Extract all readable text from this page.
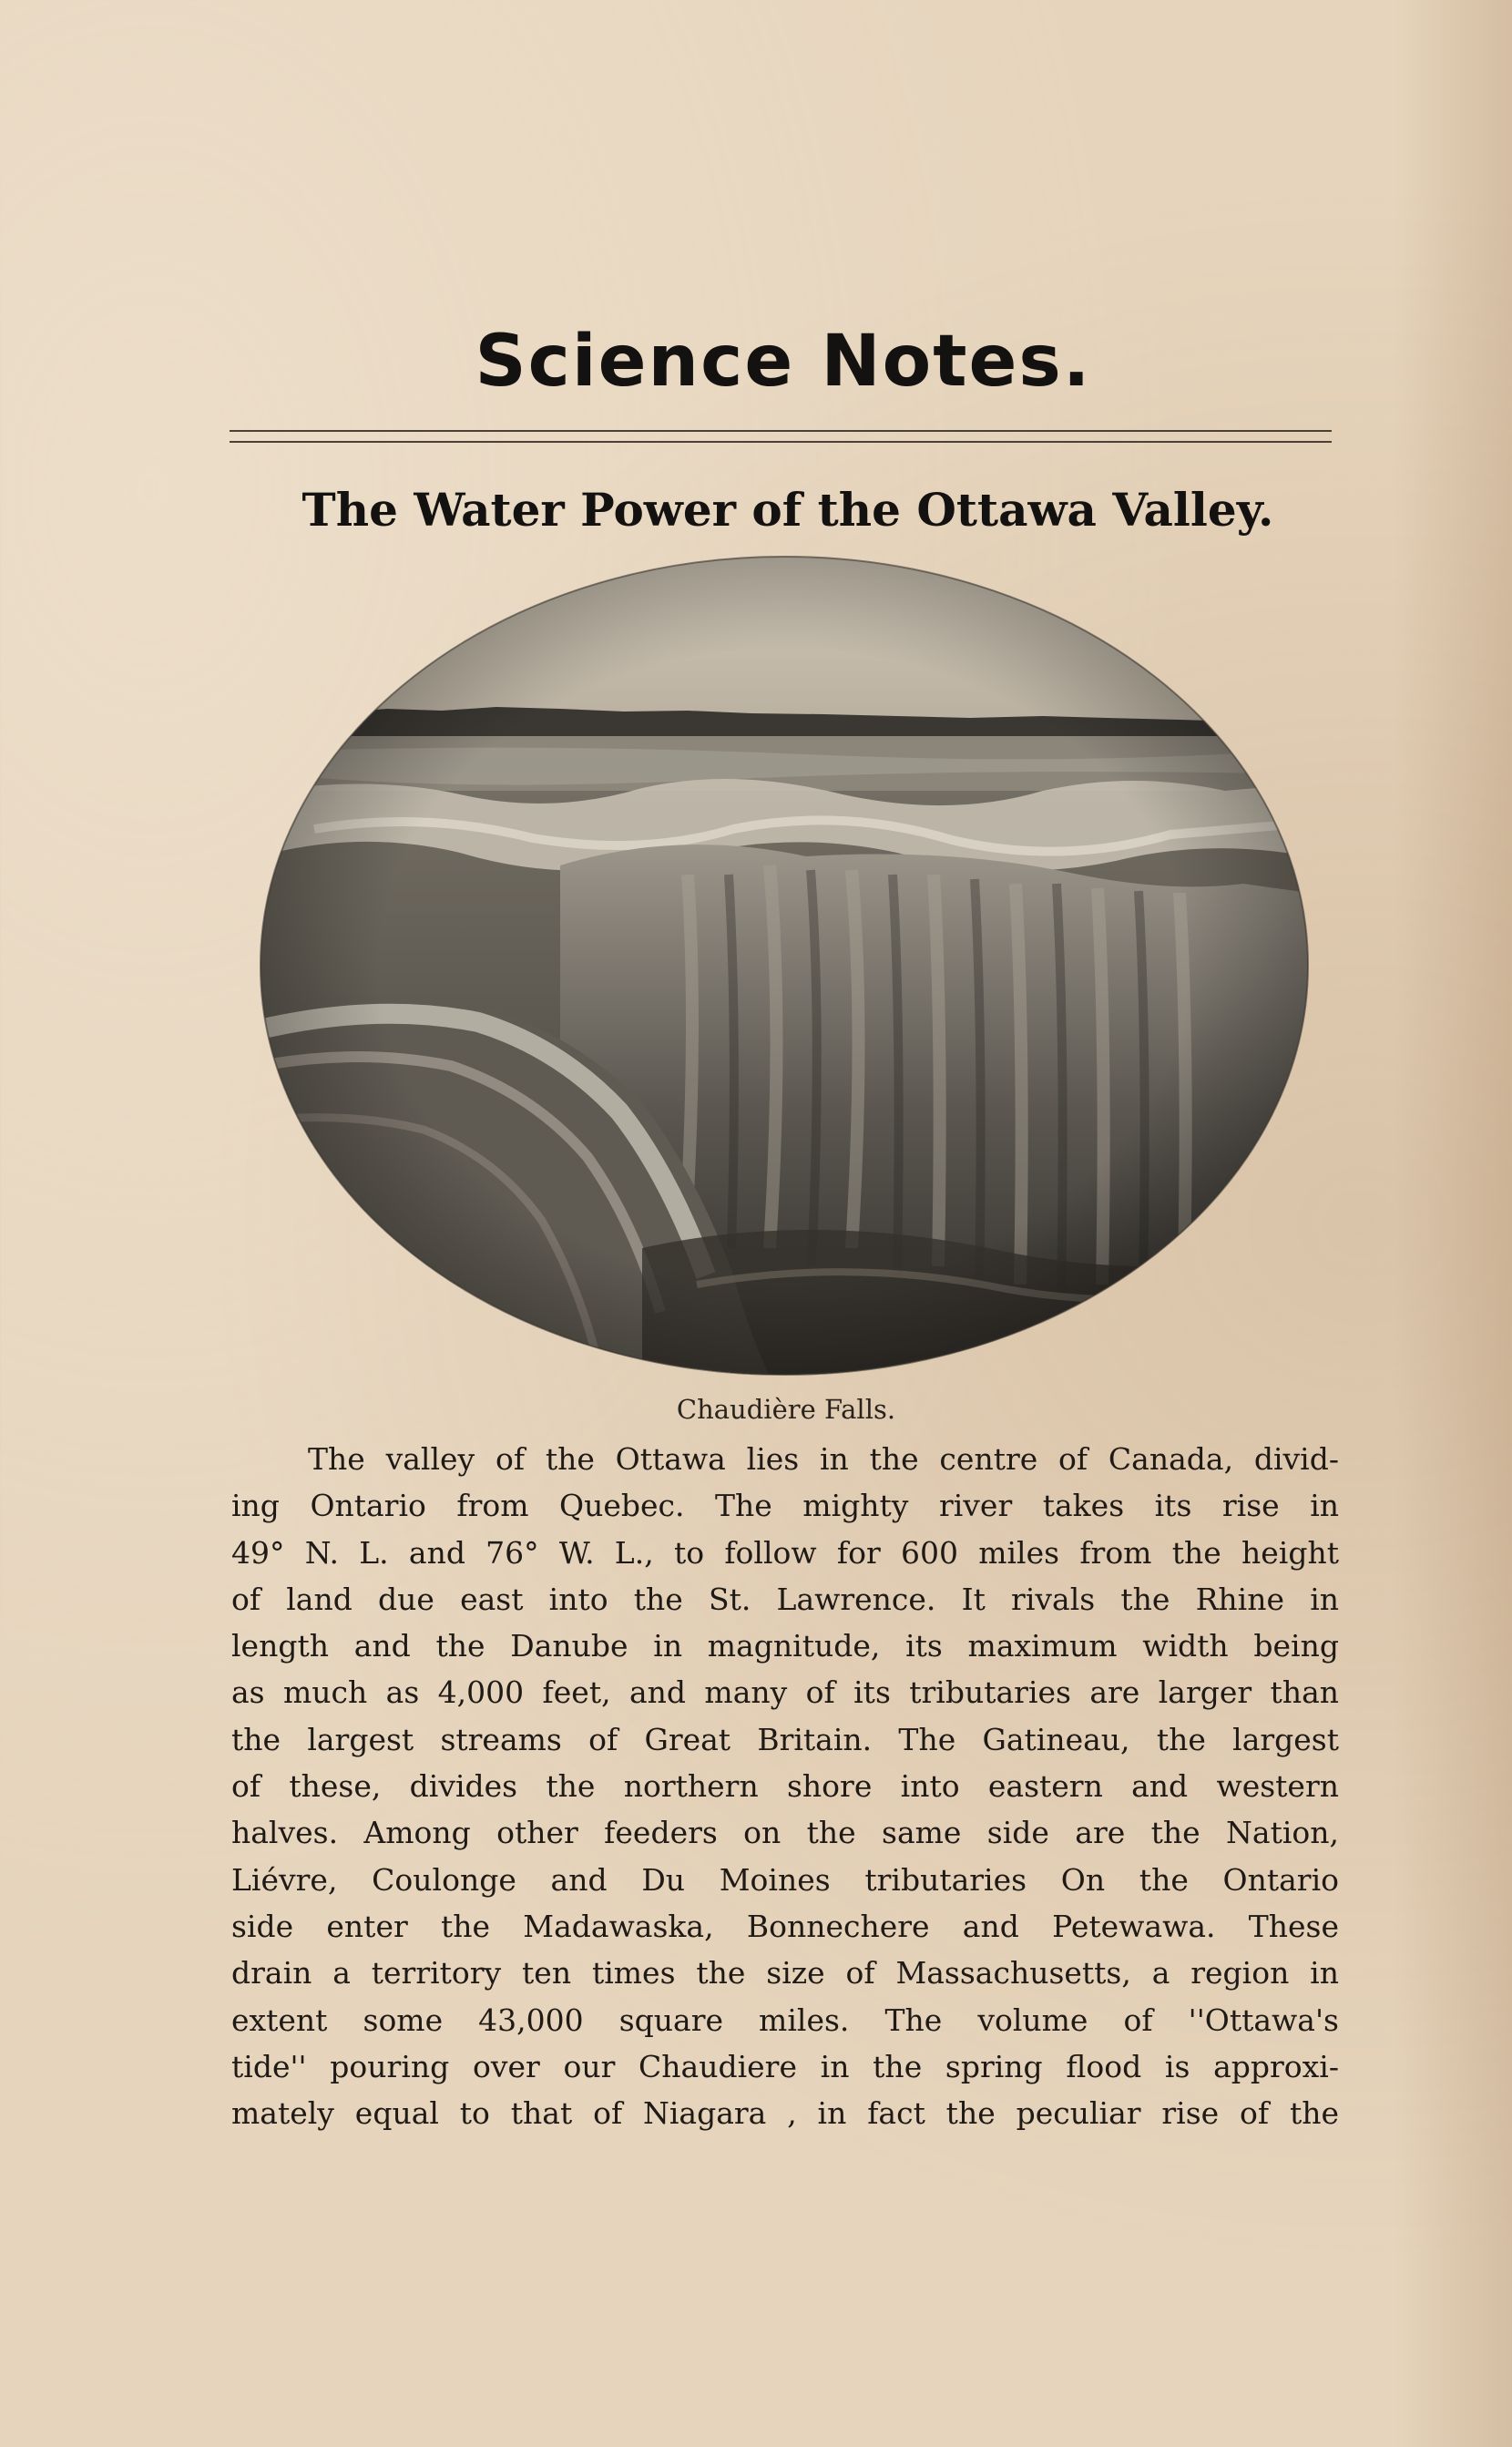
Science Notes.
The Water Power of the Ottawa Valley.
Chaudière Falls.
The valley of the Ottawa lies in the centre of Canada, divid-
ing Ontario from Quebec. The mighty river takes its rise in
49° N. L. and 76° W. L., to follow for 600 miles from the height
of land due east into the St. Lawrence. It rivals the Rhine in
length and the Danube in magnitude, its maximum width being
as much as 4,000 feet, and many of its tributaries are larger than
the largest streams of Great Britain. The Gatineau, the largest
of these, divides the northern shore into eastern and western
halves. Among other feeders on the same side are the Nation,
Liévre, Coulonge and Du Moines tributaries On the Ontario
side enter the Madawaska, Bonnechere and Petewawa. These
drain a territory ten times the size of Massachusetts, a region in
extent some 43,000 square miles. The volume of ''Ottawa's
tide'' pouring over our Chaudiere in the spring flood is approxi-
mately equal to that of Niagara , in fact the peculiar rise of the
